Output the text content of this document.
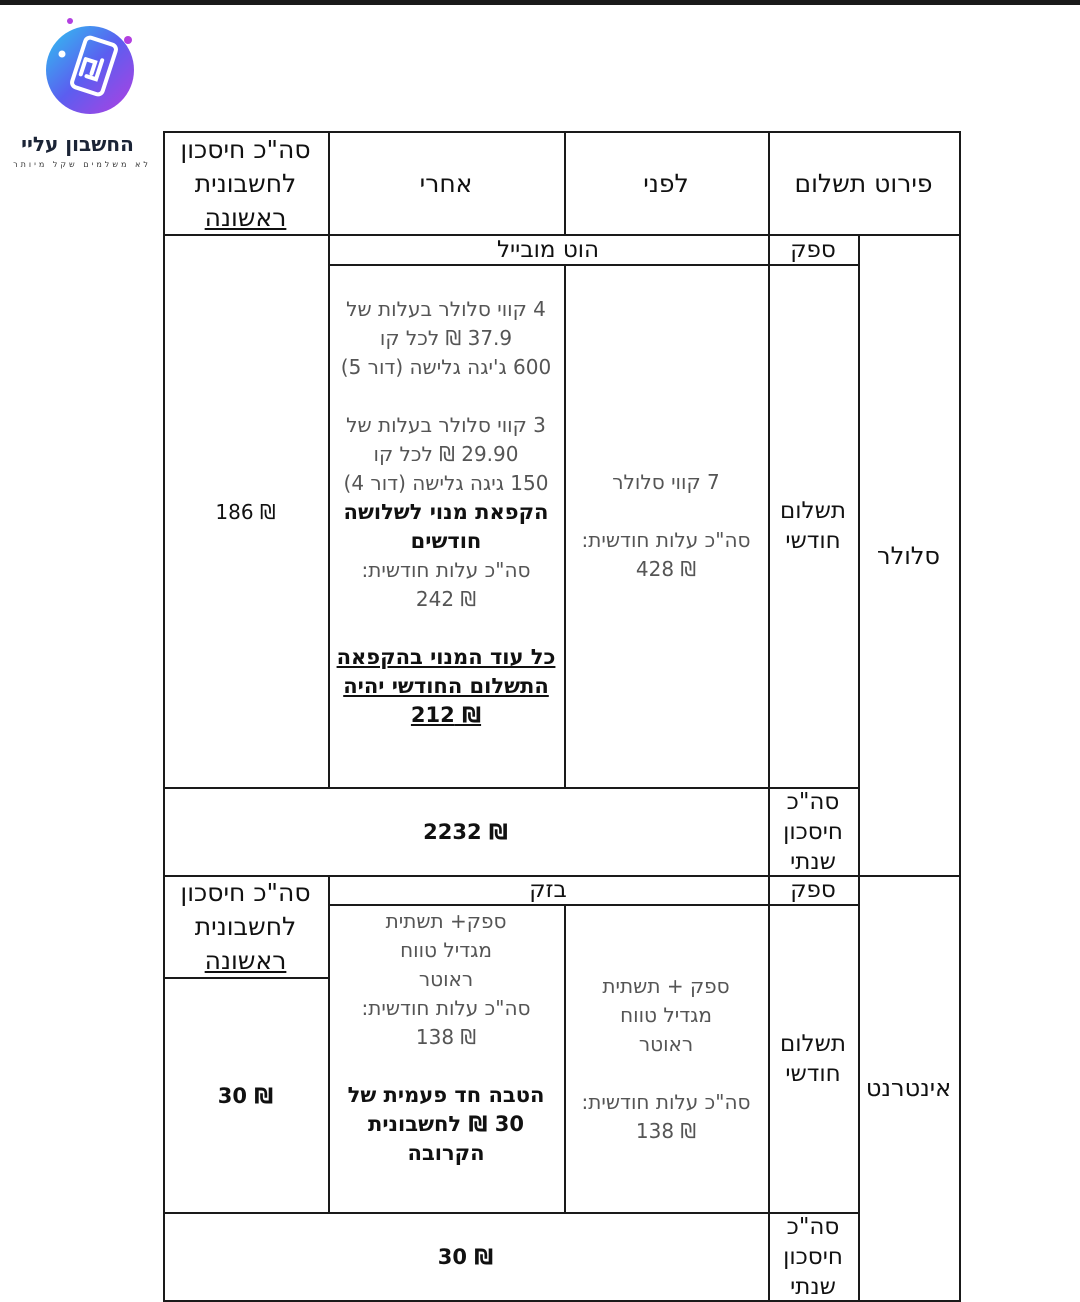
החשבון עליי
לא משלמים שקל מיותר
פירוט תשלום
לפני
אחרי
סה"כ חיסכון
לחשבונית
ראשונה
סלולר
ספק
הוט מובייל
תשלום
חודשי
7 קווי סלולר
סה"כ עלות חודשית:
₪ 428
4 קווי סלולר בעלות של
37.9 ₪ לכל קו
600 ג'יגה גלישה (דור 5)
3 קווי סלולר בעלות של
29.90 ₪ לכל קו
150 גיגה גלישה (דור 4)
הקפאת מנוי לשלושה
חודשים
סה"כ עלות חודשית:
₪ 242
כל עוד המנוי בהקפאה
התשלום החודשי יהיה
₪ 212
₪ 186
סה"כ
חיסכון
שנתי
₪ 2232
אינטרנט
ספק
בזק
תשלום
חודשי
ספק + תשתית
מגדיל טווח
ראוטר
סה"כ עלות חודשית:
₪ 138
ספק+ תשתית
מגדיל טווח
ראוטר
סה"כ עלות חודשית:
₪ 138
הטבה חד פעמית של
30 ₪ לחשבונית
הקרובה
סה"כ חיסכון
לחשבונית
ראשונה
₪ 30
סה"כ
חיסכון
שנתי
₪ 30
